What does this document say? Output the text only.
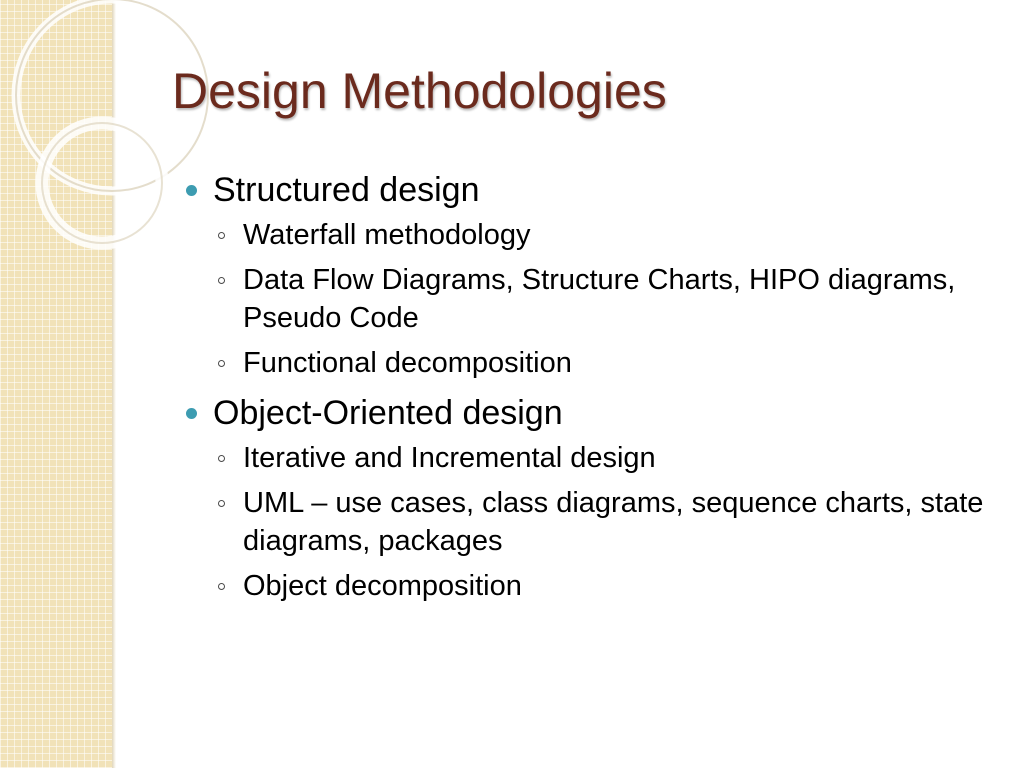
Design Methodologies
Structured design
Waterfall methodology
Data Flow Diagrams, Structure Charts, HIPO diagrams, Pseudo Code
Functional decomposition
Object-Oriented design
Iterative and Incremental design
UML – use cases, class diagrams, sequence charts, state diagrams, packages
Object decomposition
